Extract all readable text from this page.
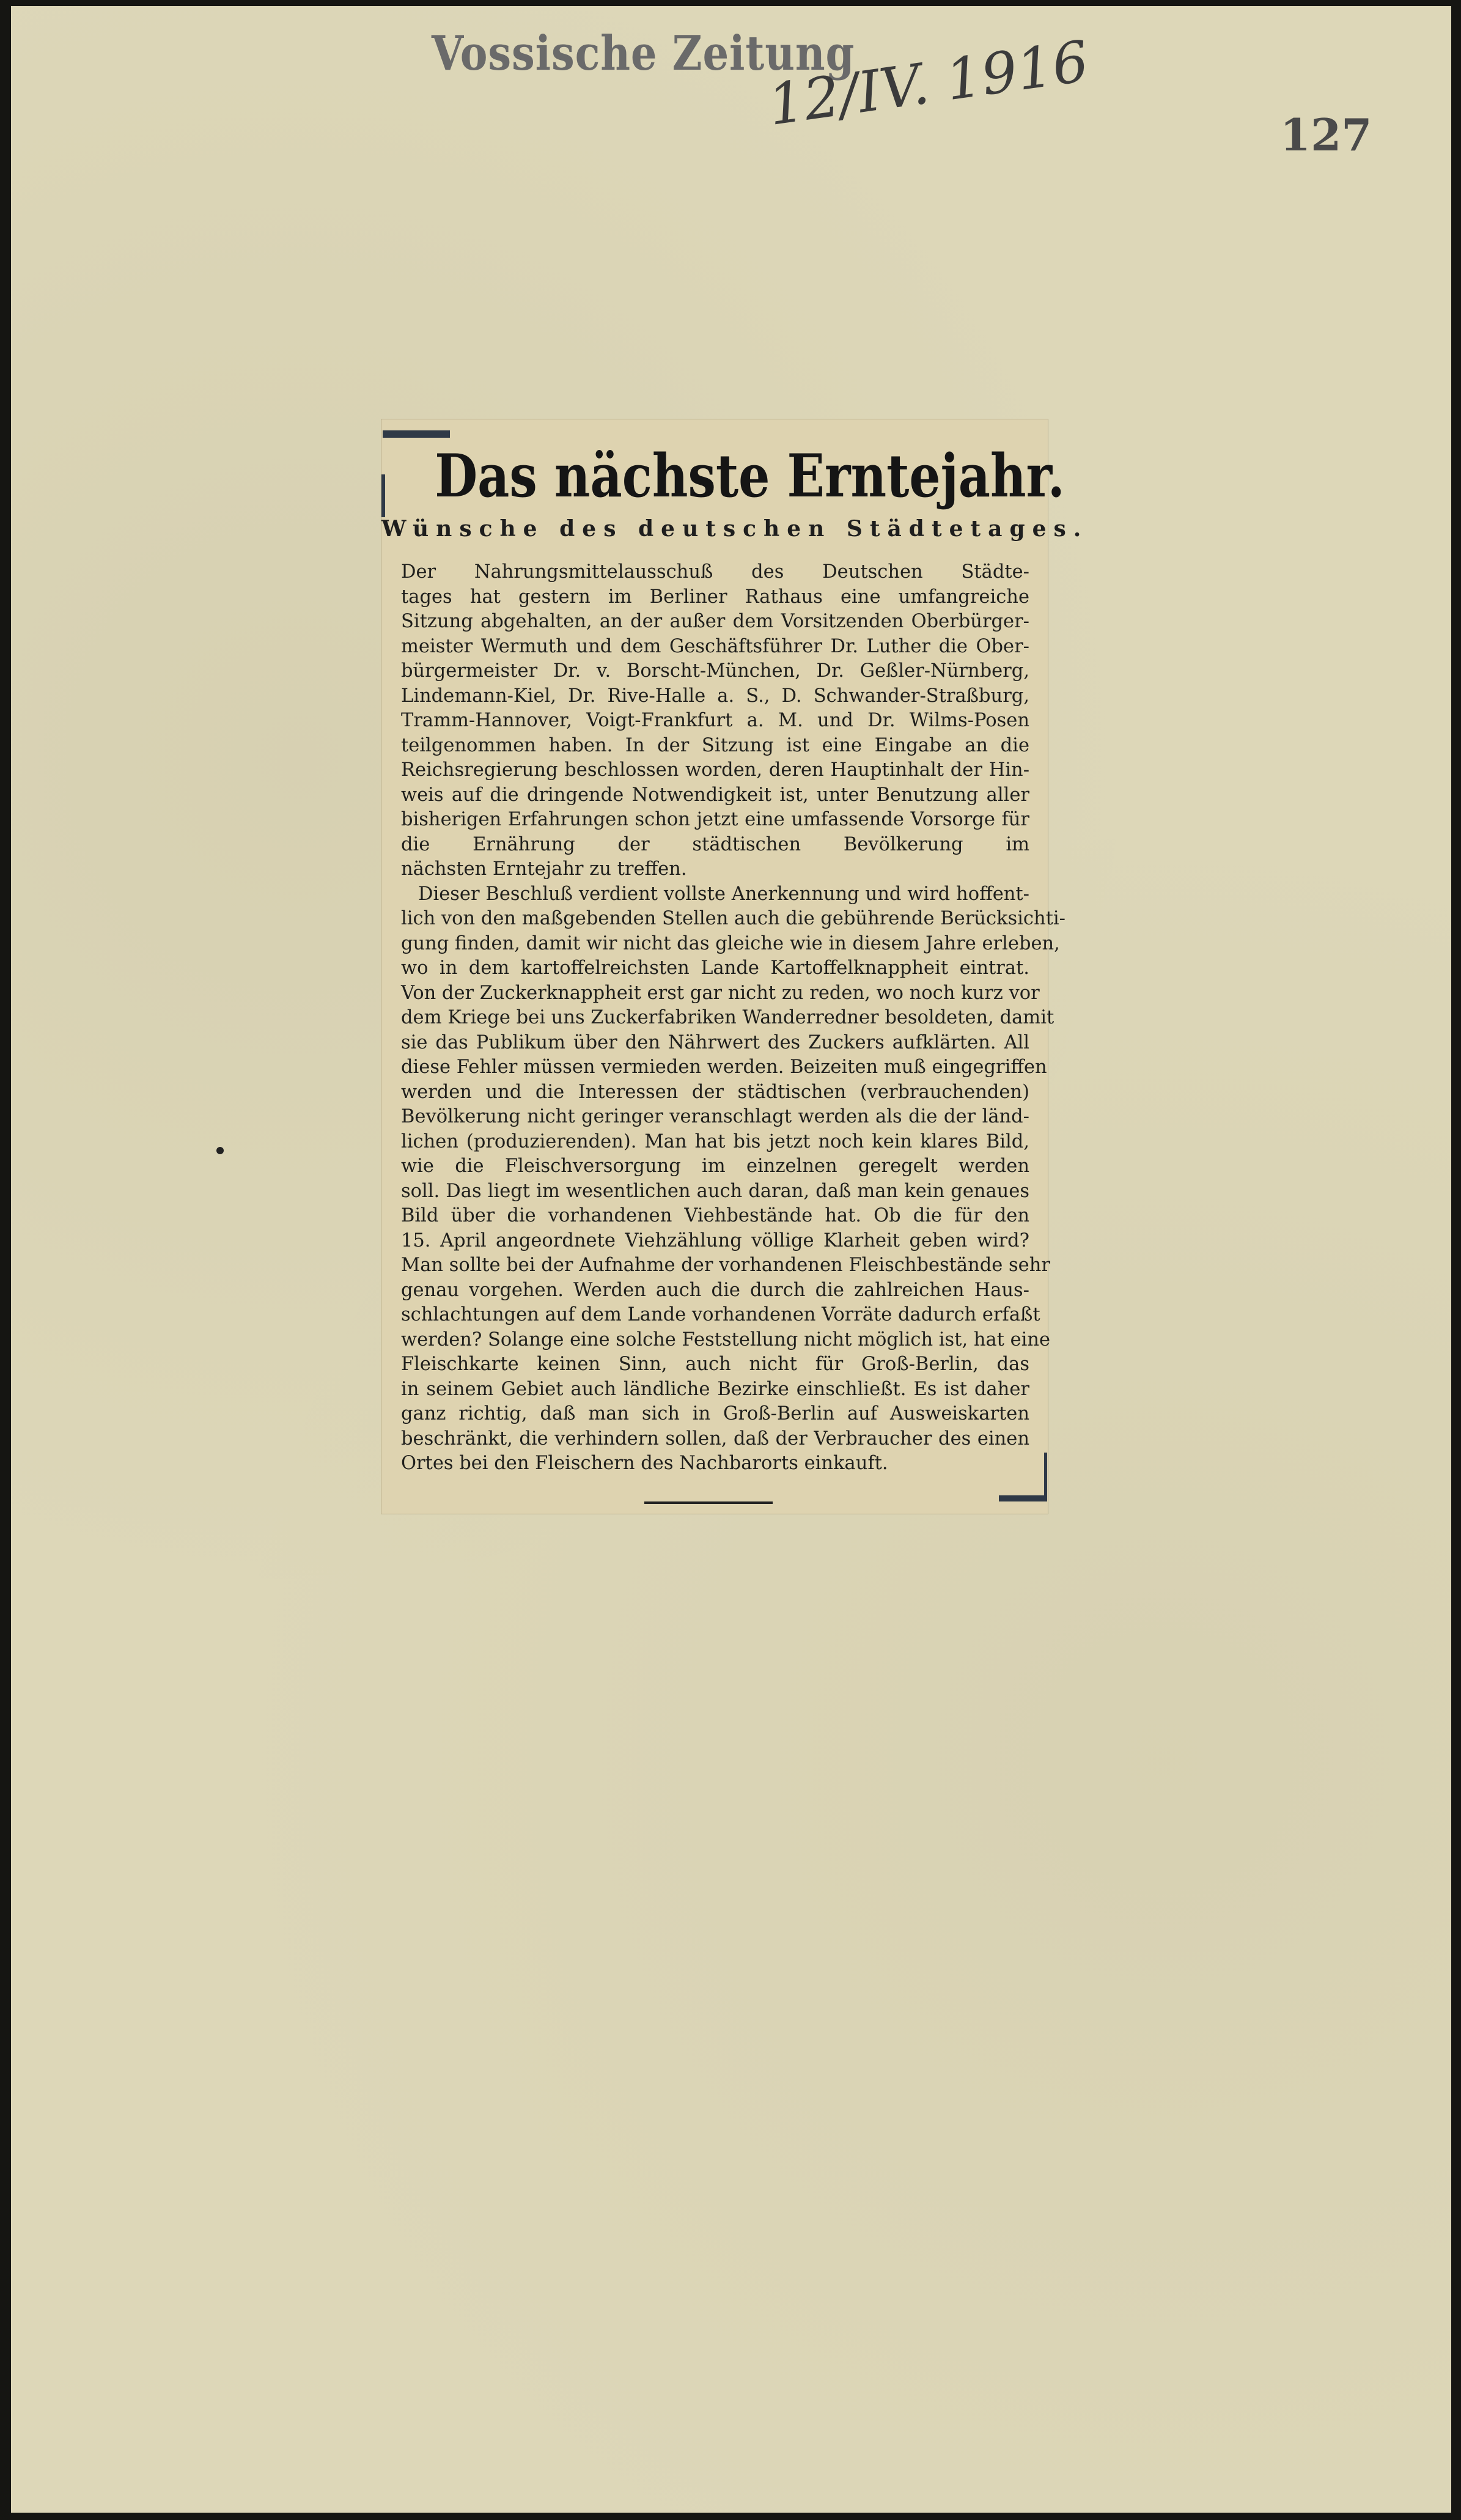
Vossische Zeitung
12/IV. 1916	127
Das nächste Erntejahr.
Wünsche des deutschen Städtetages.
Der Nahrungsmittelausschuß des Deutschen Städte-
tages hat gestern im Berliner Rathaus eine umfangreiche
Sitzung abgehalten, an der außer dem Vorsitzenden Oberbürger-
meister Wermuth und dem Geschäftsführer Dr. Luther die Ober-
bürgermeister Dr. v. Borscht-München, Dr. Geßler-Nürnberg,
Lindemann-Kiel, Dr. Rive-Halle a. S., D. Schwander-Straßburg,
Tramm-Hannover, Voigt-Frankfurt a. M. und Dr. Wilms-Posen
teilgenommen haben. In der Sitzung ist eine Eingabe an die
Reichsregierung beschlossen worden, deren Hauptinhalt der Hin-
weis auf die dringende Notwendigkeit ist, unter Benutzung aller
bisherigen Erfahrungen schon jetzt eine umfassende Vorsorge für
die Ernährung der städtischen Bevölkerung im
nächsten Erntejahr zu treffen.
Dieser Beschluß verdient vollste Anerkennung und wird hoffent-
lich von den maßgebenden Stellen auch die gebührende Berücksichti-
gung finden, damit wir nicht das gleiche wie in diesem Jahre erleben,
wo in dem kartoffelreichsten Lande Kartoffelknappheit eintrat.
Von der Zuckerknappheit erst gar nicht zu reden, wo noch kurz vor
dem Kriege bei uns Zuckerfabriken Wanderredner besoldeten, damit
sie das Publikum über den Nährwert des Zuckers aufklärten. All
diese Fehler müssen vermieden werden. Beizeiten muß eingegriffen
werden und die Interessen der städtischen (verbrauchenden)
Bevölkerung nicht geringer veranschlagt werden als die der länd-
lichen (produzierenden). Man hat bis jetzt noch kein klares Bild,
wie die Fleischversorgung im einzelnen geregelt werden
soll. Das liegt im wesentlichen auch daran, daß man kein genaues
Bild über die vorhandenen Viehbestände hat. Ob die für den
15. April angeordnete Viehzählung völlige Klarheit geben wird?
Man sollte bei der Aufnahme der vorhandenen Fleischbestände sehr
genau vorgehen. Werden auch die durch die zahlreichen Haus-
schlachtungen auf dem Lande vorhandenen Vorräte dadurch erfaßt
werden? Solange eine solche Feststellung nicht möglich ist, hat eine
Fleischkarte keinen Sinn, auch nicht für Groß-Berlin, das
in seinem Gebiet auch ländliche Bezirke einschließt. Es ist daher
ganz richtig, daß man sich in Groß-Berlin auf Ausweiskarten
beschränkt, die verhindern sollen, daß der Verbraucher des einen
Ortes bei den Fleischern des Nachbarorts einkauft.
